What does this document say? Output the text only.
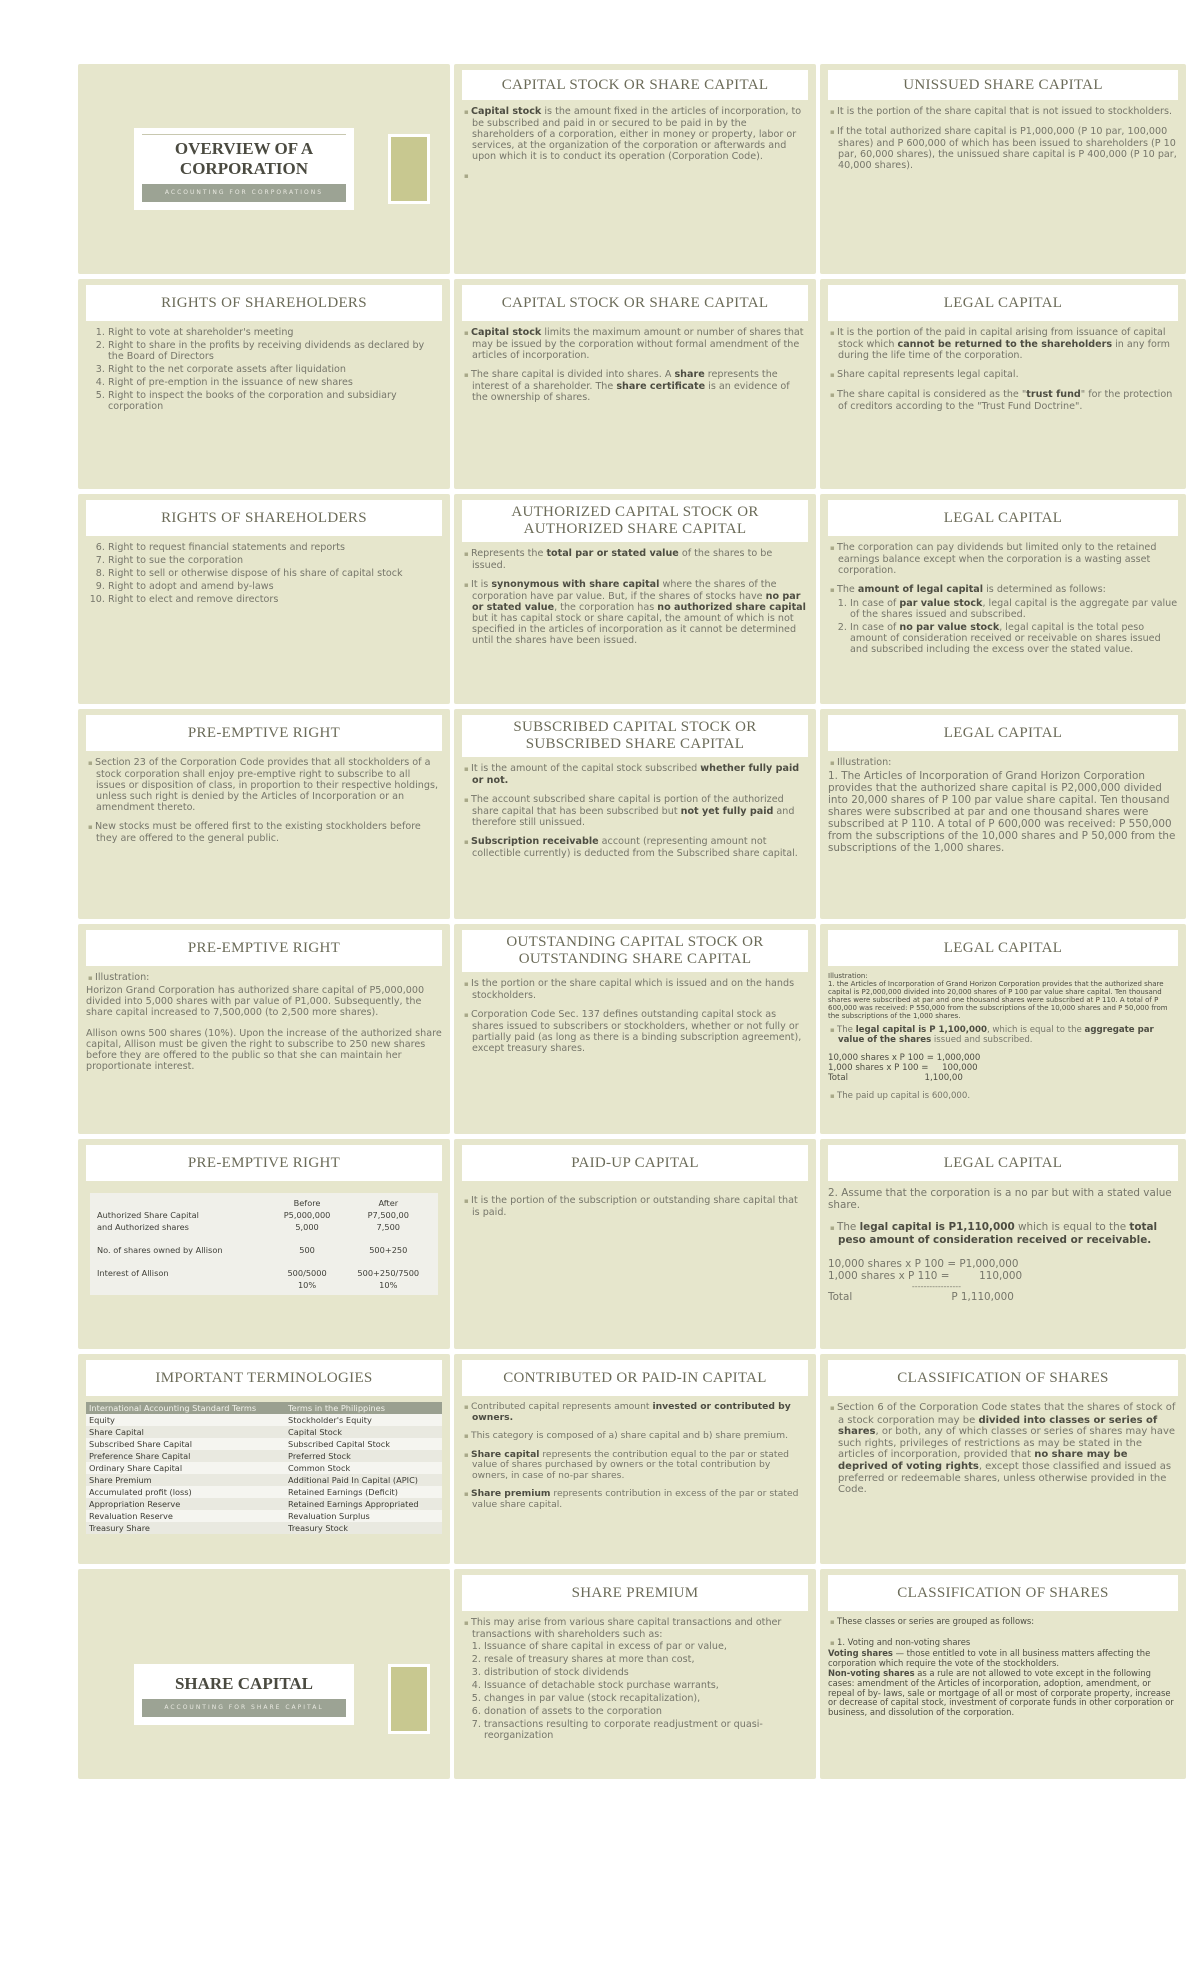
OVERVIEW OF A CORPORATION
ACCOUNTING FOR CORPORATIONS
CAPITAL STOCK OR SHARE CAPITAL
▪ Capital stock is the amount fixed in the articles of incorporation, to be subscribed and paid in or secured to be paid in by the shareholders of a corporation, either in money or property, labor or services, at the organization of the corporation or afterwards and upon which it is to conduct its operation (Corporation Code).
▪
UNISSUED SHARE CAPITAL
▪ It is the portion of the share capital that is not issued to stockholders.
▪ If the total authorized share capital is P1,000,000 (P 10 par, 100,000 shares) and P 600,000 of which has been issued to shareholders (P 10 par, 60,000 shares), the unissued share capital is P 400,000 (P 10 par, 40,000 shares).
RIGHTS OF SHAREHOLDERS
1. Right to vote at shareholder's meeting
2. Right to share in the profits by receiving dividends as declared by the Board of Directors
3. Right to the net corporate assets after liquidation
4. Right of pre-emption in the issuance of new shares
5. Right to inspect the books of the corporation and subsidiary corporation
CAPITAL STOCK OR SHARE CAPITAL
▪ Capital stock limits the maximum amount or number of shares that may be issued by the corporation without formal amendment of the articles of incorporation.
▪ The share capital is divided into shares. A share represents the interest of a shareholder. The share certificate is an evidence of the ownership of shares.
LEGAL CAPITAL
▪ It is the portion of the paid in capital arising from issuance of capital stock which cannot be returned to the shareholders in any form during the life time of the corporation.
▪ Share capital represents legal capital.
▪ The share capital is considered as the "trust fund" for the protection of creditors according to the "Trust Fund Doctrine".
RIGHTS OF SHAREHOLDERS
6. Right to request financial statements and reports
7. Right to sue the corporation
8. Right to sell or otherwise dispose of his share of capital stock
9. Right to adopt and amend by-laws
10. Right to elect and remove directors
AUTHORIZED CAPITAL STOCK OR AUTHORIZED SHARE CAPITAL
▪ Represents the total par or stated value of the shares to be issued.
▪ It is synonymous with share capital where the shares of the corporation have par value. But, if the shares of stocks have no par or stated value, the corporation has no authorized share capital but it has capital stock or share capital, the amount of which is not specified in the articles of incorporation as it cannot be determined until the shares have been issued.
LEGAL CAPITAL
▪ The corporation can pay dividends but limited only to the retained earnings balance except when the corporation is a wasting asset corporation.
▪ The amount of legal capital is determined as follows:
1. In case of par value stock, legal capital is the aggregate par value of the shares issued and subscribed.
2. In case of no par value stock, legal capital is the total peso amount of consideration received or receivable on shares issued and subscribed including the excess over the stated value.
PRE-EMPTIVE RIGHT
▪ Section 23 of the Corporation Code provides that all stockholders of a stock corporation shall enjoy pre-emptive right to subscribe to all issues or disposition of class, in proportion to their respective holdings, unless such right is denied by the Articles of Incorporation or an amendment thereto.
▪ New stocks must be offered first to the existing stockholders before they are offered to the general public.
SUBSCRIBED CAPITAL STOCK OR SUBSCRIBED SHARE CAPITAL
▪ It is the amount of the capital stock subscribed whether fully paid or not.
▪ The account subscribed share capital is portion of the authorized share capital that has been subscribed but not yet fully paid and therefore still unissued.
▪ Subscription receivable account (representing amount not collectible currently) is deducted from the Subscribed share capital.
LEGAL CAPITAL
▪ Illustration:
1. The Articles of Incorporation of Grand Horizon Corporation provides that the authorized share capital is P2,000,000 divided into 20,000 shares of P 100 par value share capital. Ten thousand shares were subscribed at par and one thousand shares were subscribed at P 110. A total of P 600,000 was received: P 550,000 from the subscriptions of the 10,000 shares and P 50,000 from the subscriptions of the 1,000 shares.
PRE-EMPTIVE RIGHT
▪ Illustration:
Horizon Grand Corporation has authorized share capital of P5,000,000 divided into 5,000 shares with par value of P1,000. Subsequently, the share capital increased to 7,500,000 (to 2,500 more shares).
Allison owns 500 shares (10%). Upon the increase of the authorized share capital, Allison must be given the right to subscribe to 250 new shares before they are offered to the public so that she can maintain her proportionate interest.
OUTSTANDING CAPITAL STOCK OR OUTSTANDING SHARE CAPITAL
▪ Is the portion or the share capital which is issued and on the hands stockholders.
▪ Corporation Code Sec. 137 defines outstanding capital stock as shares issued to subscribers or stockholders, whether or not fully or partially paid (as long as there is a binding subscription agreement), except treasury shares.
LEGAL CAPITAL
Illustration:
1. the Articles of Incorporation of Grand Horizon Corporation provides that the authorized share capital is P2,000,000 divided into 20,000 shares of P 100 par value share capital. Ten thousand shares were subscribed at par and one thousand shares were subscribed at P 110. A total of P 600,000 was received: P 550,000 from the subscriptions of the 10,000 shares and P 50,000 from the subscriptions of the 1,000 shares.
▪ The legal capital is P 1,100,000, which is equal to the aggregate par value of the shares issued and subscribed.
10,000 shares x P 100 = 1,000,000
1,000 shares x P 100 =     100,000
Total                            1,100,00
▪ The paid up capital is 600,000.
PRE-EMPTIVE RIGHT
	Before	After
Authorized Share Capital	P5,000,000	P7,500,00
and Authorized shares	5,000	7,500
No. of shares owned by Allison	500	500+250
Interest of Allison	500/5000	500+250/7500
	10%	10%
PAID-UP CAPITAL
▪ It is the portion of the subscription or outstanding share capital that is paid.
LEGAL CAPITAL
2. Assume that the corporation is a no par but with a stated value share.
▪ The legal capital is P1,110,000 which is equal to the total peso amount of consideration received or receivable.
10,000 shares x P 100 = P1,000,000
1,000 shares x P 110 =         110,000
-----------------
Total                              P 1,110,000
IMPORTANT TERMINOLOGIES
International Accounting Standard Terms	Terms in the Philippines
Equity	Stockholder's Equity
Share Capital	Capital Stock
Subscribed Share Capital	Subscribed Capital Stock
Preference Share Capital	Preferred Stock
Ordinary Share Capital	Common Stock
Share Premium	Additional Paid In Capital (APIC)
Accumulated profit (loss)	Retained Earnings (Deficit)
Appropriation Reserve	Retained Earnings Appropriated
Revaluation Reserve	Revaluation Surplus
Treasury Share	Treasury Stock
CONTRIBUTED OR PAID-IN CAPITAL
▪ Contributed capital represents amount invested or contributed by owners.
▪ This category is composed of a) share capital and b) share premium.
▪ Share capital represents the contribution equal to the par or stated value of shares purchased by owners or the total contribution by owners, in case of no-par shares.
▪ Share premium represents contribution in excess of the par or stated value share capital.
CLASSIFICATION OF SHARES
▪ Section 6 of the Corporation Code states that the shares of stock of a stock corporation may be divided into classes or series of shares, or both, any of which classes or series of shares may have such rights, privileges of restrictions as may be stated in the articles of incorporation, provided that no share may be deprived of voting rights, except those classified and issued as preferred or redeemable shares, unless otherwise provided in the Code.
SHARE CAPITAL
ACCOUNTING FOR SHARE CAPITAL
SHARE PREMIUM
▪ This may arise from various share capital transactions and other transactions with shareholders such as:
1. Issuance of share capital in excess of par or value,
2. resale of treasury shares at more than cost,
3. distribution of stock dividends
4. Issuance of detachable stock purchase warrants,
5. changes in par value (stock recapitalization),
6. donation of assets to the corporation
7. transactions resulting to corporate readjustment or quasi-reorganization
CLASSIFICATION OF SHARES
▪ These classes or series are grouped as follows:
▪ 1. Voting and non-voting shares
Voting shares — those entitled to vote in all business matters affecting the corporation which require the vote of the stockholders.
Non-voting shares as a rule are not allowed to vote except in the following cases: amendment of the Articles of incorporation, adoption, amendment, or repeal of by- laws, sale or mortgage of all or most of corporate property, increase or decrease of capital stock, investment of corporate funds in other corporation or business, and dissolution of the corporation.
